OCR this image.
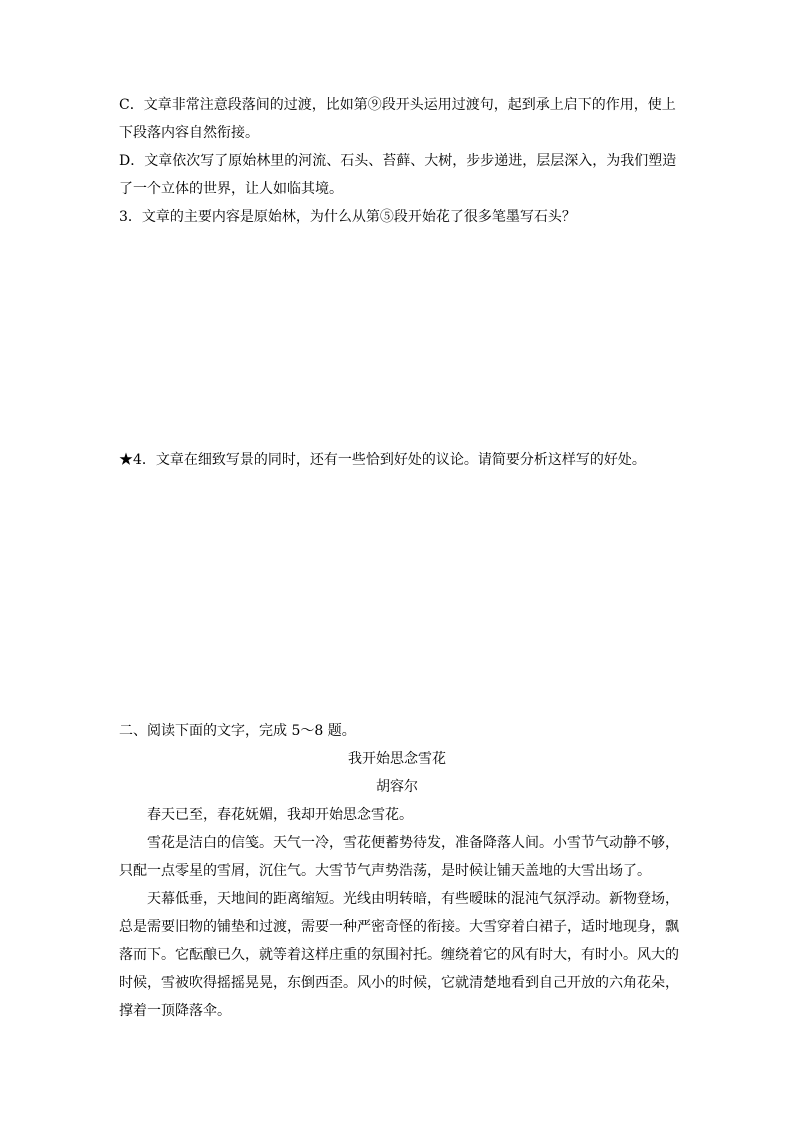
C．文章非常注意段落间的过渡，比如第⑨段开头运用过渡句，起到承上启下的作用，使上
下段落内容自然衔接。
D．文章依次写了原始林里的河流、石头、苔藓、大树，步步递进，层层深入，为我们塑造
了一个立体的世界，让人如临其境。
3．文章的主要内容是原始林，为什么从第⑤段开始花了很多笔墨写石头？
★4．文章在细致写景的同时，还有一些恰到好处的议论。请简要分析这样写的好处。
二、阅读下面的文字，完成 5～8 题。
我开始思念雪花
胡容尔
春天已至，春花妩媚，我却开始思念雪花。
雪花是洁白的信笺。天气一冷，雪花便蓄势待发，准备降落人间。小雪节气动静不够，
只配一点零星的雪屑，沉住气。大雪节气声势浩荡，是时候让铺天盖地的大雪出场了。
天幕低垂，天地间的距离缩短。光线由明转暗，有些暧昧的混沌气氛浮动。新物登场，
总是需要旧物的铺垫和过渡，需要一种严密奇怪的衔接。大雪穿着白裙子，适时地现身，飘
落而下。它酝酿已久，就等着这样庄重的氛围衬托。缠绕着它的风有时大，有时小。风大的
时候，雪被吹得摇摇晃晃，东倒西歪。风小的时候，它就清楚地看到自己开放的六角花朵，
撑着一顶降落伞。
